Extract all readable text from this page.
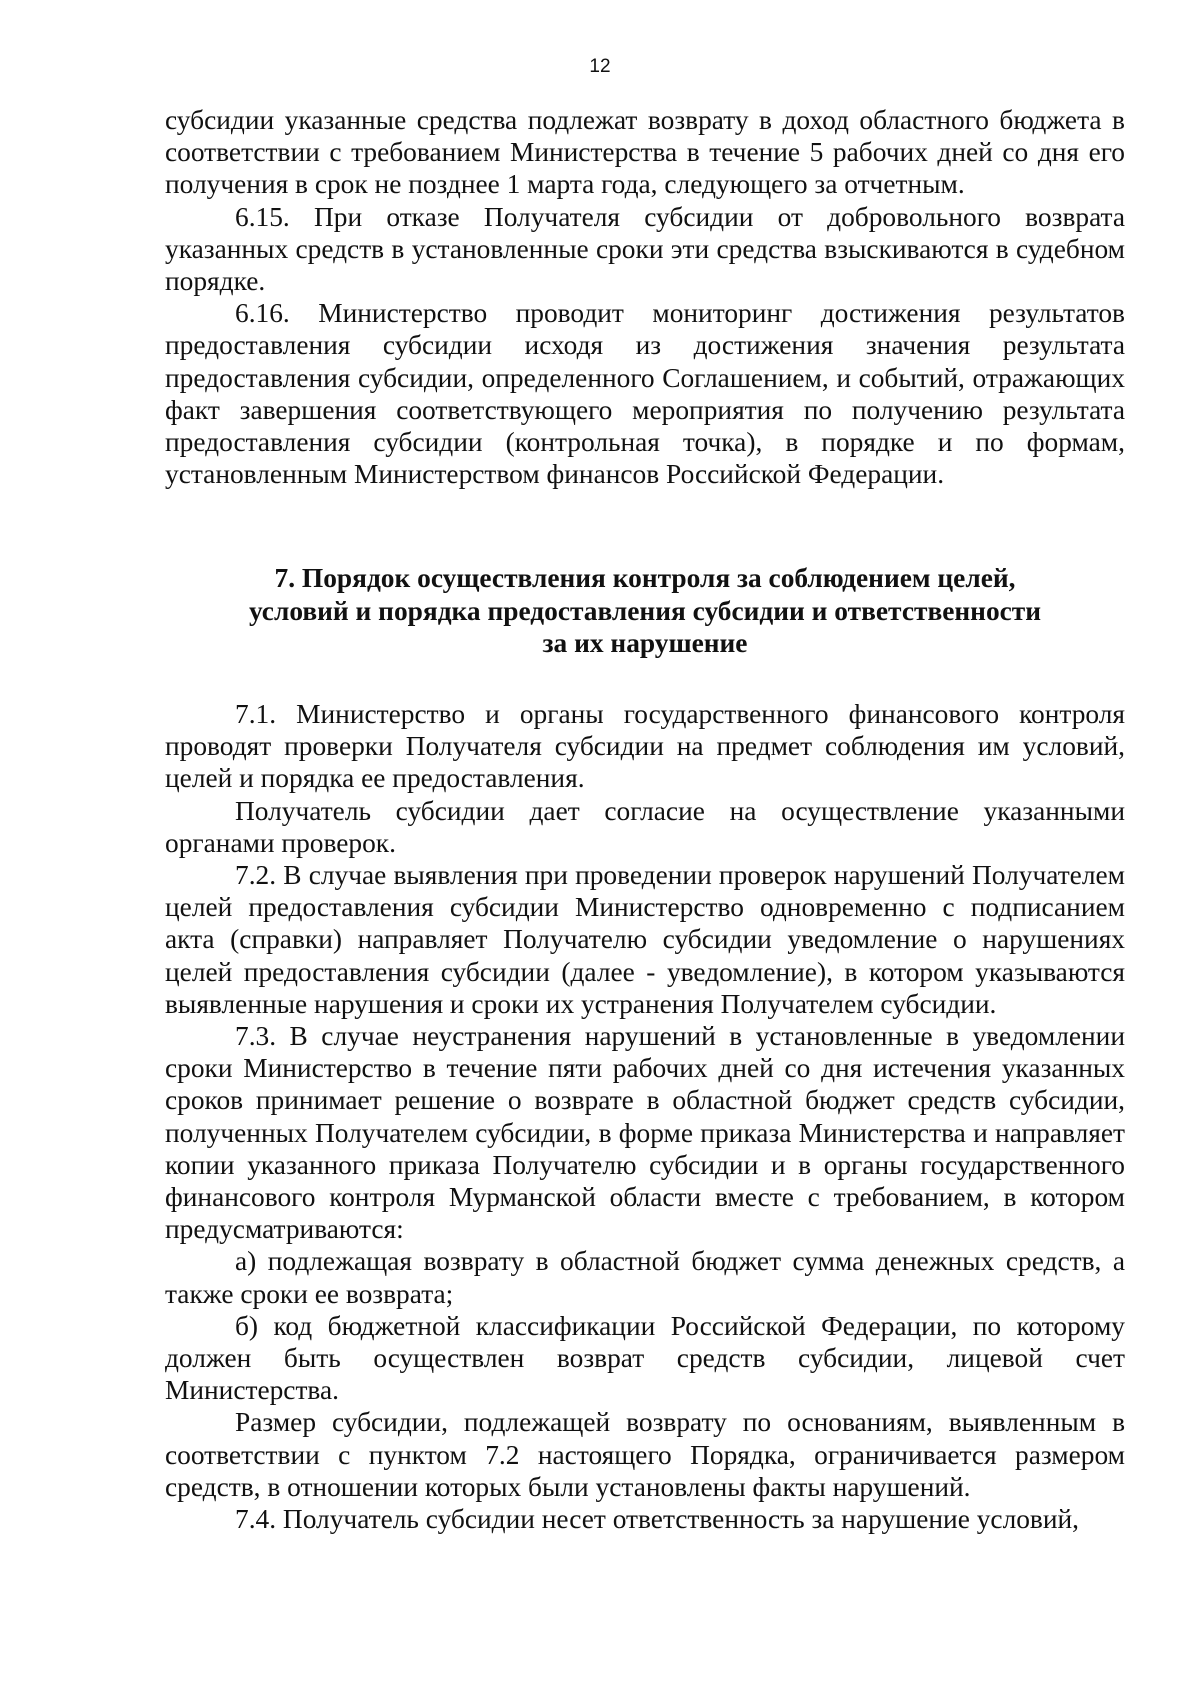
12

субсидии указанные средства подлежат возврату в доход областного бюджета в соответствии с требованием Министерства в течение 5 рабочих дней со дня его получения в срок не позднее 1 марта года, следующего за отчетным.

6.15. При отказе Получателя субсидии от добровольного возврата указанных средств в установленные сроки эти средства взыскиваются в судебном порядке.

6.16. Министерство проводит мониторинг достижения результатов предоставления субсидии исходя из достижения значения результата предоставления субсидии, определенного Соглашением, и событий, отражающих факт завершения соответствующего мероприятия по получению результата предоставления субсидии (контрольная точка), в порядке и по формам, установленным Министерством финансов Российской Федерации.

7. Порядок осуществления контроля за соблюдением целей,
условий и порядка предоставления субсидии и ответственности
за их нарушение

7.1. Министерство и органы государственного финансового контроля проводят проверки Получателя субсидии на предмет соблюдения им условий, целей и порядка ее предоставления.

Получатель субсидии дает согласие на осуществление указанными органами проверок.

7.2. В случае выявления при проведении проверок нарушений Получателем целей предоставления субсидии Министерство одновременно с подписанием акта (справки) направляет Получателю субсидии уведомление о нарушениях целей предоставления субсидии (далее - уведомление), в котором указываются выявленные нарушения и сроки их устранения Получателем субсидии.

7.3. В случае неустранения нарушений в установленные в уведомлении сроки Министерство в течение пяти рабочих дней со дня истечения указанных сроков принимает решение о возврате в областной бюджет средств субсидии, полученных Получателем субсидии, в форме приказа Министерства и направляет копии указанного приказа Получателю субсидии и в органы государственного финансового контроля Мурманской области вместе с требованием, в котором предусматриваются:

а) подлежащая возврату в областной бюджет сумма денежных средств, а также сроки ее возврата;

б) код бюджетной классификации Российской Федерации, по которому должен быть осуществлен возврат средств субсидии, лицевой счет Министерства.

Размер субсидии, подлежащей возврату по основаниям, выявленным в соответствии с пунктом 7.2 настоящего Порядка, ограничивается размером средств, в отношении которых были установлены факты нарушений.

7.4. Получатель субсидии несет ответственность за нарушение условий,
